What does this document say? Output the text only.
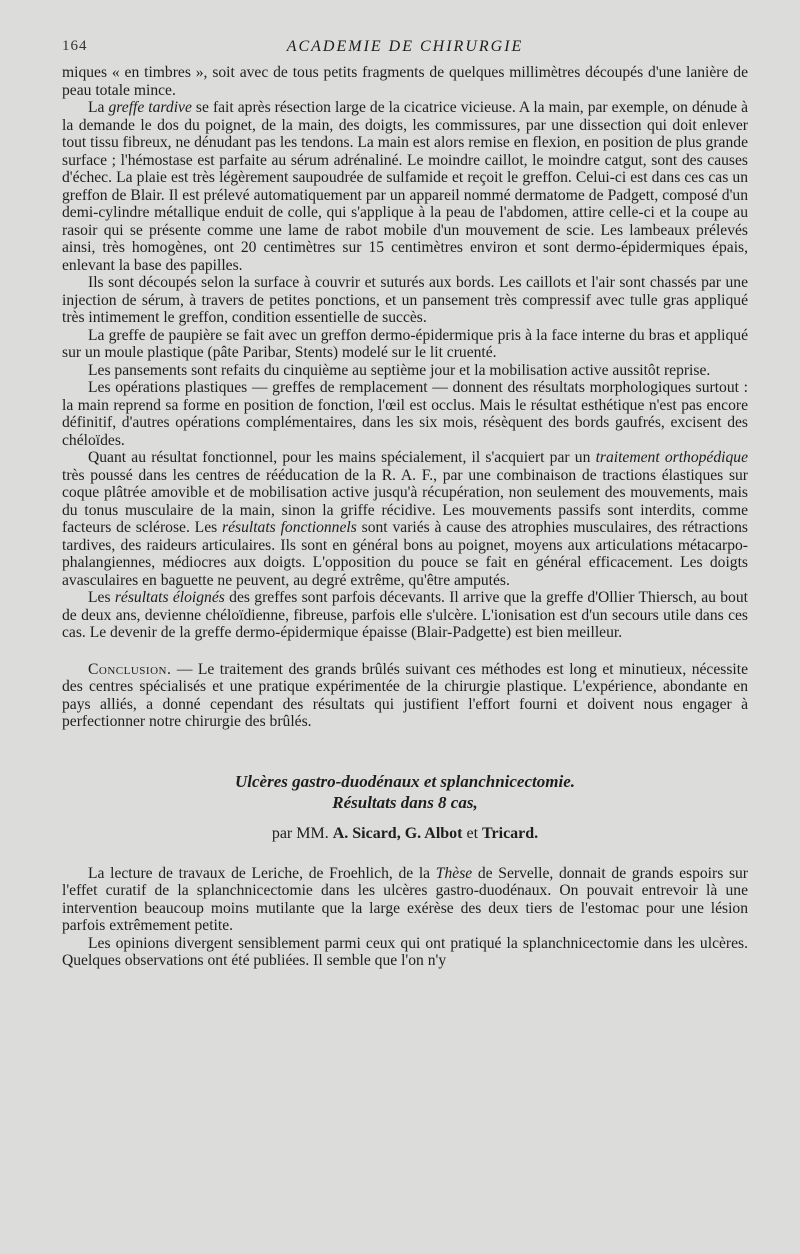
164	ACADEMIE DE CHIRURGIE

miques « en timbres », soit avec de tous petits fragments de quelques millimètres découpés d'une lanière de peau totale mince.

La greffe tardive se fait après résection large de la cicatrice vicieuse. A la main, par exemple, on dénude à la demande le dos du poignet, de la main, des doigts, les commissures, par une dissection qui doit enlever tout tissu fibreux, ne dénudant pas les tendons. La main est alors remise en flexion, en position de plus grande surface ; l'hémostase est parfaite au sérum adrénaliné. Le moindre caillot, le moindre catgut, sont des causes d'échec. La plaie est très légèrement saupoudrée de sulfamide et reçoit le greffon. Celui-ci est dans ces cas un greffon de Blair. Il est prélevé automatiquement par un appareil nommé dermatome de Padgett, composé d'un demi-cylindre métallique enduit de colle, qui s'applique à la peau de l'abdomen, attire celle-ci et la coupe au rasoir qui se présente comme une lame de rabot mobile d'un mouvement de scie. Les lambeaux prélevés ainsi, très homogènes, ont 20 centimètres sur 15 centimètres environ et sont dermo-épidermiques épais, enlevant la base des papilles.

Ils sont découpés selon la surface à couvrir et suturés aux bords. Les caillots et l'air sont chassés par une injection de sérum, à travers de petites ponctions, et un pansement très compressif avec tulle gras appliqué très intimement le greffon, condition essentielle de succès.

La greffe de paupière se fait avec un greffon dermo-épidermique pris à la face interne du bras et appliqué sur un moule plastique (pâte Paribar, Stents) modelé sur le lit cruenté.

Les pansements sont refaits du cinquième au septième jour et la mobilisation active aussitôt reprise.

Les opérations plastiques — greffes de remplacement — donnent des résultats morphologiques surtout : la main reprend sa forme en position de fonction, l'œil est occlus. Mais le résultat esthétique n'est pas encore définitif, d'autres opérations complémentaires, dans les six mois, résèquent des bords gaufrés, excisent des chéloïdes.

Quant au résultat fonctionnel, pour les mains spécialement, il s'acquiert par un traitement orthopédique très poussé dans les centres de rééducation de la R. A. F., par une combinaison de tractions élastiques sur coque plâtrée amovible et de mobilisation active jusqu'à récupération, non seulement des mouvements, mais du tonus musculaire de la main, sinon la griffe récidive. Les mouvements passifs sont interdits, comme facteurs de sclérose. Les résultats fonctionnels sont variés à cause des atrophies musculaires, des rétractions tardives, des raideurs articulaires. Ils sont en général bons au poignet, moyens aux articulations métacarpo-phalangiennes, médiocres aux doigts. L'opposition du pouce se fait en général efficacement. Les doigts avasculaires en baguette ne peuvent, au degré extrême, qu'être amputés.

Les résultats éloignés des greffes sont parfois décevants. Il arrive que la greffe d'Ollier Thiersch, au bout de deux ans, devienne chéloïdienne, fibreuse, parfois elle s'ulcère. L'ionisation est d'un secours utile dans ces cas. Le devenir de la greffe dermo-épidermique épaisse (Blair-Padgette) est bien meilleur.

Conclusion. — Le traitement des grands brûlés suivant ces méthodes est long et minutieux, nécessite des centres spécialisés et une pratique expérimentée de la chirurgie plastique. L'expérience, abondante en pays alliés, a donné cependant des résultats qui justifient l'effort fourni et doivent nous engager à perfectionner notre chirurgie des brûlés.

Ulcères gastro-duodénaux et splanchnicectomie.

Résultats dans 8 cas,

par MM. A. Sicard, G. Albot et Tricard.

La lecture de travaux de Leriche, de Froehlich, de la Thèse de Servelle, donnait de grands espoirs sur l'effet curatif de la splanchnicectomie dans les ulcères gastro-duodénaux. On pouvait entrevoir là une intervention beaucoup moins mutilante que la large exérèse des deux tiers de l'estomac pour une lésion parfois extrêmement petite.

Les opinions divergent sensiblement parmi ceux qui ont pratiqué la splanchnicectomie dans les ulcères. Quelques observations ont été publiées. Il semble que l'on n'y
